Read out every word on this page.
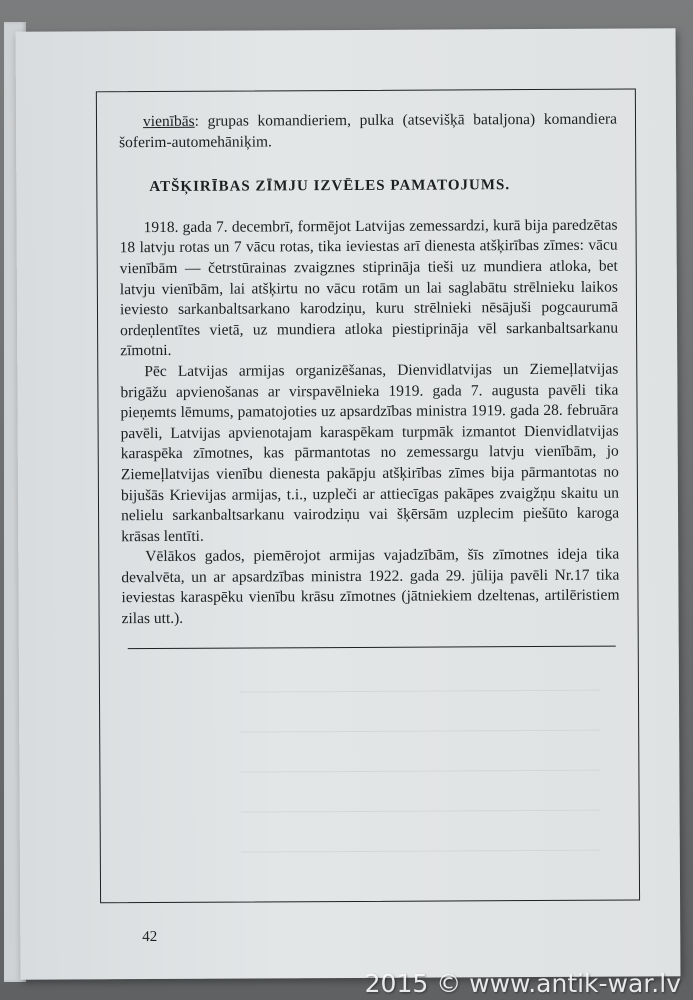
vienībās: grupas komandieriem, pulka (atsevišķā bataljona) komandiera šoferim-automehāniķim.

ATŠĶIRĪBAS ZĪMJU IZVĒLES PAMATOJUMS.

1918. gada 7. decembrī, formējot Latvijas zemessardzi, kurā bija paredzētas 18 latvju rotas un 7 vācu rotas, tika ieviestas arī dienesta atšķirības zīmes: vācu vienībām — četrstūrainas zvaigznes stiprināja tieši uz mundiera atloka, bet latvju vienībām, lai atšķirtu no vācu rotām un lai saglabātu strēlnieku laikos ieviesto sarkanbaltsarkano karodziņu, kuru strēlnieki nēsājuši pogcaurumā ordeņlentītes vietā, uz mundiera atloka piestiprināja vēl sarkanbaltsarkanu zīmotni.

Pēc Latvijas armijas organizēšanas, Dienvidlatvijas un Ziemeļlatvijas brigāžu apvienošanas ar virspavēlnieka 1919. gada 7. augusta pavēli tika pieņemts lēmums, pamatojoties uz apsardzības ministra 1919. gada 28. februāra pavēli, Latvijas apvienotajam karaspēkam turpmāk izmantot Dienvidlatvijas karaspēka zīmotnes, kas pārmantotas no zemessargu latvju vienībām, jo Ziemeļlatvijas vienību dienesta pakāpju atšķirības zīmes bija pārmantotas no bijušās Krievijas armijas, t.i., uzpleči ar attiecīgas pakāpes zvaigžņu skaitu un nelielu sarkanbaltsarkanu vairodziņu vai šķērsām uzplecim piešūto karoga krāsas lentīti.

Vēlākos gados, piemērojot armijas vajadzībām, šīs zīmotnes ideja tika devalvēta, un ar apsardzības ministra 1922. gada 29. jūlija pavēli Nr.17 tika ieviestas karaspēku vienību krāsu zīmotnes (jātniekiem dzeltenas, artilēristiem zilas utt.).

42
2015 © www.antik-war.lv
